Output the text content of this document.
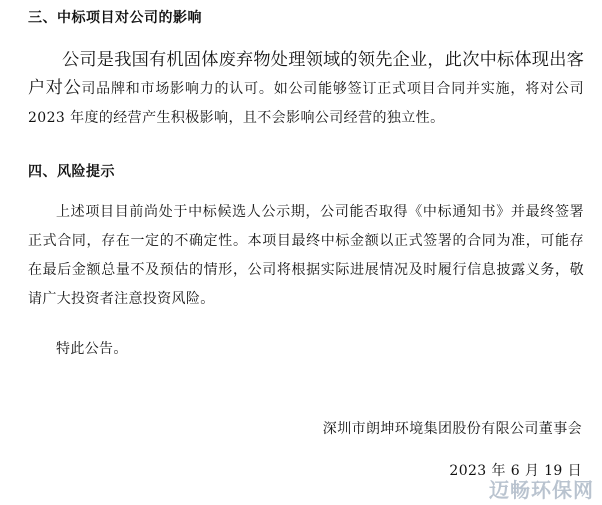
三、中标项目对公司的影响

公司是我国有机固体废弃物处理领域的领先企业，此次中标体现出客户对公司品牌和市场影响力的认可。如公司能够签订正式项目合同并实施，将对公司2023 年度的经营产生积极影响，且不会影响公司经营的独立性。

四、风险提示

上述项目目前尚处于中标候选人公示期，公司能否取得《中标通知书》并最终签署正式合同，存在一定的不确定性。本项目最终中标金额以正式签署的合同为准，可能存在最后金额总量不及预估的情形，公司将根据实际进展情况及时履行信息披露义务，敬请广大投资者注意投资风险。

特此公告。

深圳市朗坤环境集团股份有限公司董事会

2023 年 6 月 19 日

迈畅环保网
